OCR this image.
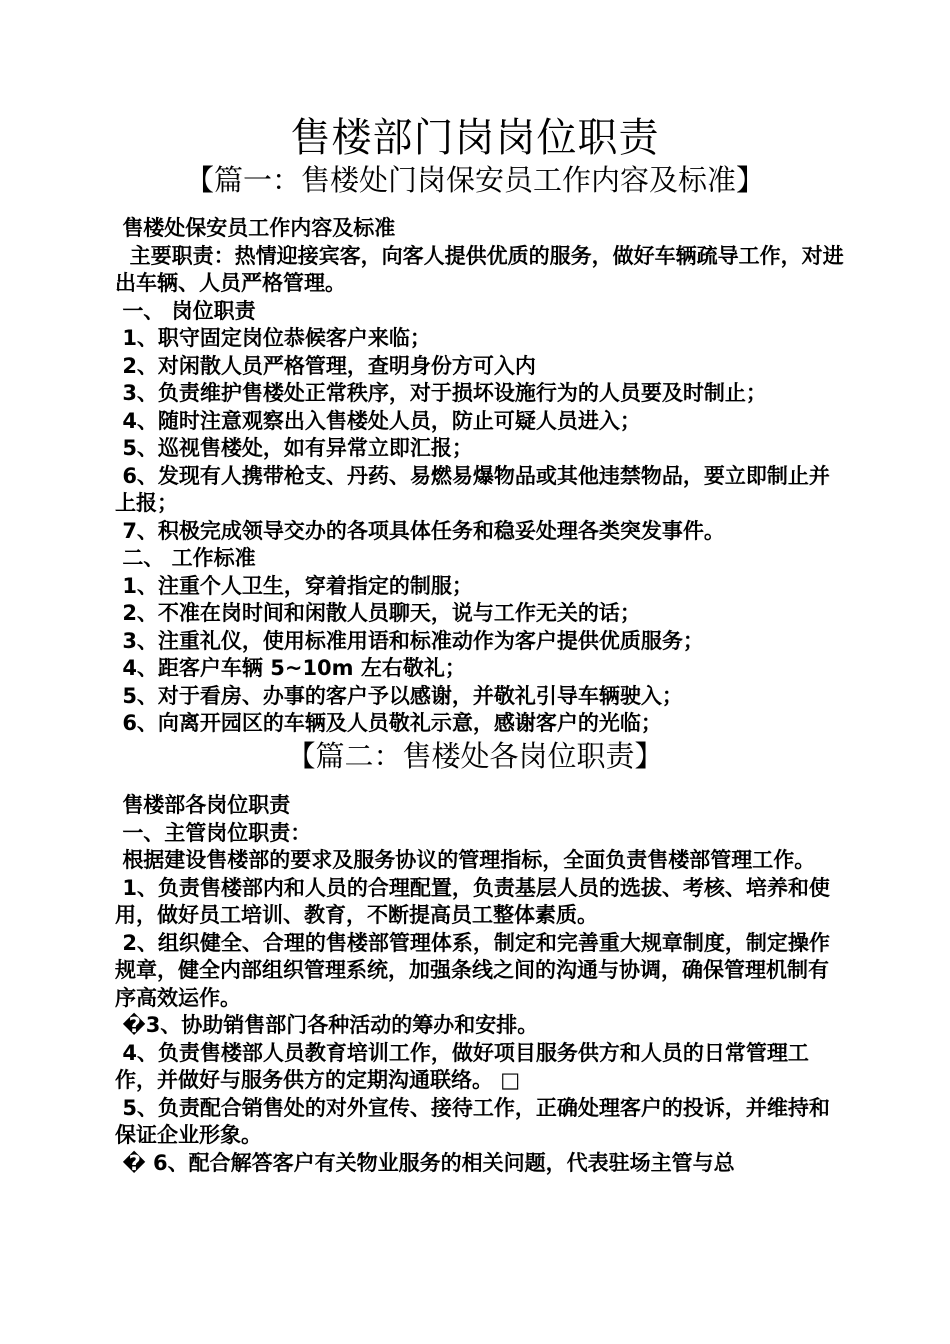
售楼部门岗岗位职责
【篇一：售楼处门岗保安员工作内容及标准】
售楼处保安员工作内容及标准
主要职责：热情迎接宾客，向客人提供优质的服务，做好车辆疏导工作，对进出车辆、人员严格管理。
一、 岗位职责
1、职守固定岗位恭候客户来临；
2、对闲散人员严格管理，查明身份方可入内
3、负责维护售楼处正常秩序，对于损坏设施行为的人员要及时制止；
4、随时注意观察出入售楼处人员，防止可疑人员进入；
5、巡视售楼处，如有异常立即汇报；
6、发现有人携带枪支、丹药、易燃易爆物品或其他违禁物品，要立即制止并上报；
7、积极完成领导交办的各项具体任务和稳妥处理各类突发事件。
二、 工作标准
1、注重个人卫生，穿着指定的制服；
2、不准在岗时间和闲散人员聊天，说与工作无关的话；
3、注重礼仪，使用标准用语和标准动作为客户提供优质服务；
4、距客户车辆 5~10m 左右敬礼；
5、对于看房、办事的客户予以感谢，并敬礼引导车辆驶入；
6、向离开园区的车辆及人员敬礼示意，感谢客户的光临；
【篇二：售楼处各岗位职责】
售楼部各岗位职责
一、主管岗位职责：
根据建设售楼部的要求及服务协议的管理指标，全面负责售楼部管理工作。
1、负责售楼部内和人员的合理配置，负责基层人员的选拔、考核、培养和使用，做好员工培训、教育，不断提高员工整体素质。
2、组织健全、合理的售楼部管理体系，制定和完善重大规章制度，制定操作规章，健全内部组织管理系统，加强条线之间的沟通与协调，确保管理机制有序高效运作。
�3、协助销售部门各种活动的筹办和安排。
4、负责售楼部人员教育培训工作，做好项目服务供方和人员的日常管理工作，并做好与服务供方的定期沟通联络。 □
5、负责配合销售处的对外宣传、接待工作，正确处理客户的投诉，并维持和保证企业形象。
� 6、配合解答客户有关物业服务的相关问题，代表驻场主管与总
